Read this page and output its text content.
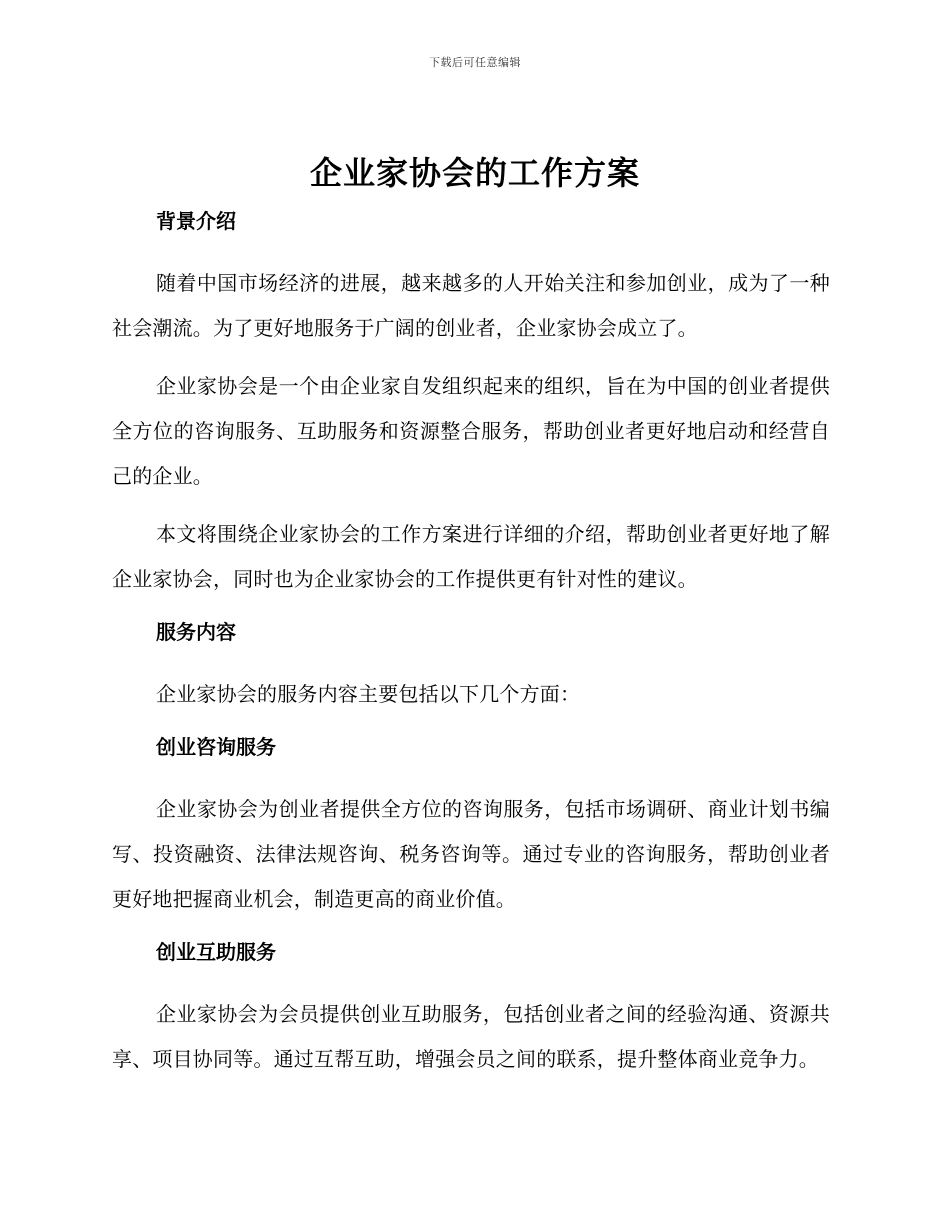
下载后可任意编辑
企业家协会的工作方案
背景介绍

随着中国市场经济的进展，越来越多的人开始关注和参加创业，成为了一种社会潮流。为了更好地服务于广阔的创业者，企业家协会成立了。

企业家协会是一个由企业家自发组织起来的组织，旨在为中国的创业者提供全方位的咨询服务、互助服务和资源整合服务，帮助创业者更好地启动和经营自己的企业。

本文将围绕企业家协会的工作方案进行详细的介绍，帮助创业者更好地了解企业家协会，同时也为企业家协会的工作提供更有针对性的建议。

服务内容

企业家协会的服务内容主要包括以下几个方面：

创业咨询服务

企业家协会为创业者提供全方位的咨询服务，包括市场调研、商业计划书编写、投资融资、法律法规咨询、税务咨询等。通过专业的咨询服务，帮助创业者更好地把握商业机会，制造更高的商业价值。

创业互助服务

企业家协会为会员提供创业互助服务，包括创业者之间的经验沟通、资源共享、项目协同等。通过互帮互助，增强会员之间的联系，提升整体商业竞争力。
